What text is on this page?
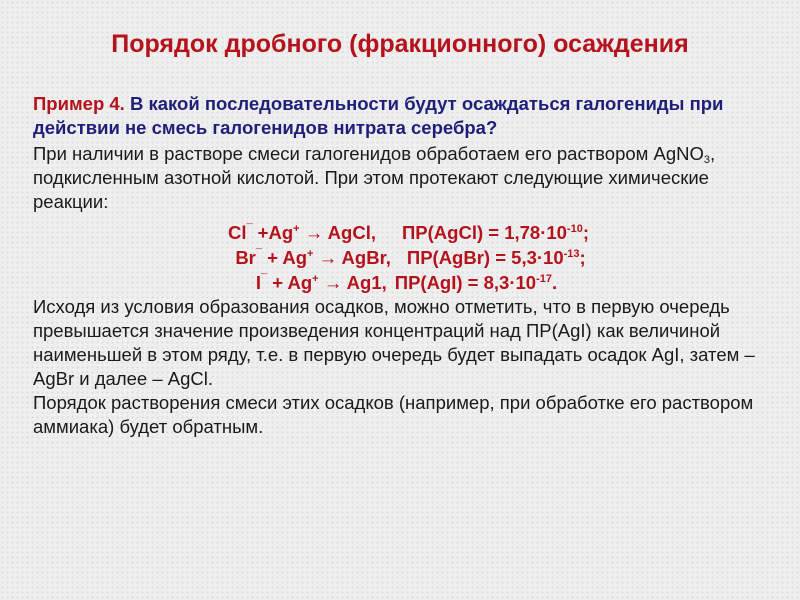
Порядок дробного (фракционного) осаждения
Пример 4. В какой последовательности будут осаждаться галогениды при действии не смесь галогенидов нитрата серебра?

При наличии в растворе смеси галогенидов обработаем его раствором AgNO$_3$, подкисленным азотной кислотой. При этом протекают следующие химические реакции:

Cl¯ +Ag+ → AgCl, ПР(AgCl) = $1,78\cdot 10^{-10}$;
Br¯ + Ag+ → AgBr, ПР(AgBr) = $5,3\cdot 10^{-13}$;
I¯ + Ag+ → Ag1, $ПР(AgI) = 8,3\cdot 10^{-17}$.

Исходя из условия образования осадков, можно отметить, что в первую очередь превышается значение произведения концентраций над ПР(AgI) как величиной наименьшей в этом ряду, т.е. в первую очередь будет выпадать осадок AgI, затем – AgBr и далее – AgCl.

Порядок растворения смеси этих осадков (например, при обработке его раствором аммиака) будет обратным.
